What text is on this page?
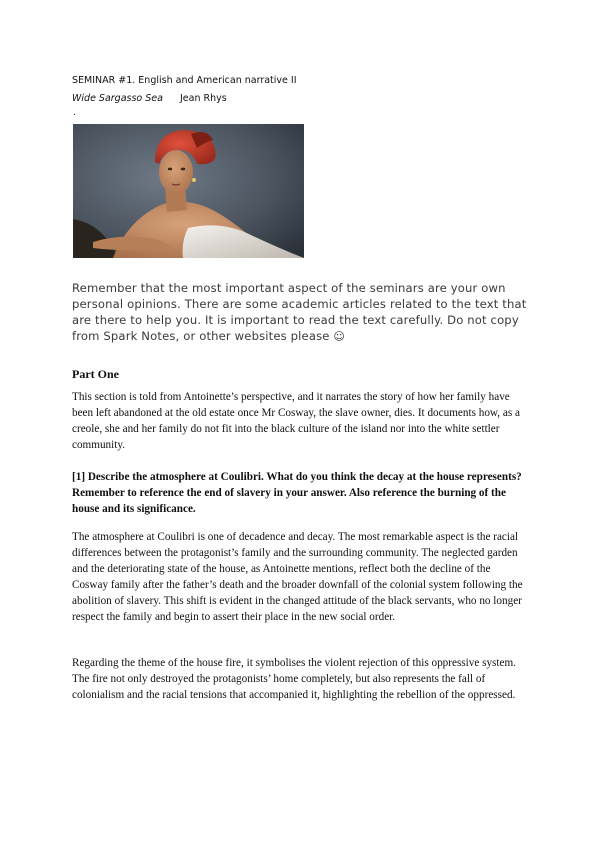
SEMINAR #1. English and American narrative II
Wide Sargasso Sea Jean Rhys
.
Remember that the most important aspect of the seminars are your own personal opinions. There are some academic articles related to the text that are there to help you. It is important to read the text carefully. Do not copy from Spark Notes, or other websites please ☺
Part One
This section is told from Antoinette’s perspective, and it narrates the story of how her family have been left abandoned at the old estate once Mr Cosway, the slave owner, dies. It documents how, as a creole, she and her family do not fit into the black culture of the island nor into the white settler community.
[1] Describe the atmosphere at Coulibri. What do you think the decay at the house represents? Remember to reference the end of slavery in your answer. Also reference the burning of the house and its significance.
The atmosphere at Coulibri is one of decadence and decay. The most remarkable aspect is the racial differences between the protagonist’s family and the surrounding community. The neglected garden and the deteriorating state of the house, as Antoinette mentions, reflect both the decline of the Cosway family after the father’s death and the broader downfall of the colonial system following the abolition of slavery. This shift is evident in the changed attitude of the black servants, who no longer respect the family and begin to assert their place in the new social order.
Regarding the theme of the house fire, it symbolises the violent rejection of this oppressive system. The fire not only destroyed the protagonists’ home completely, but also represents the fall of colonialism and the racial tensions that accompanied it, highlighting the rebellion of the oppressed.
